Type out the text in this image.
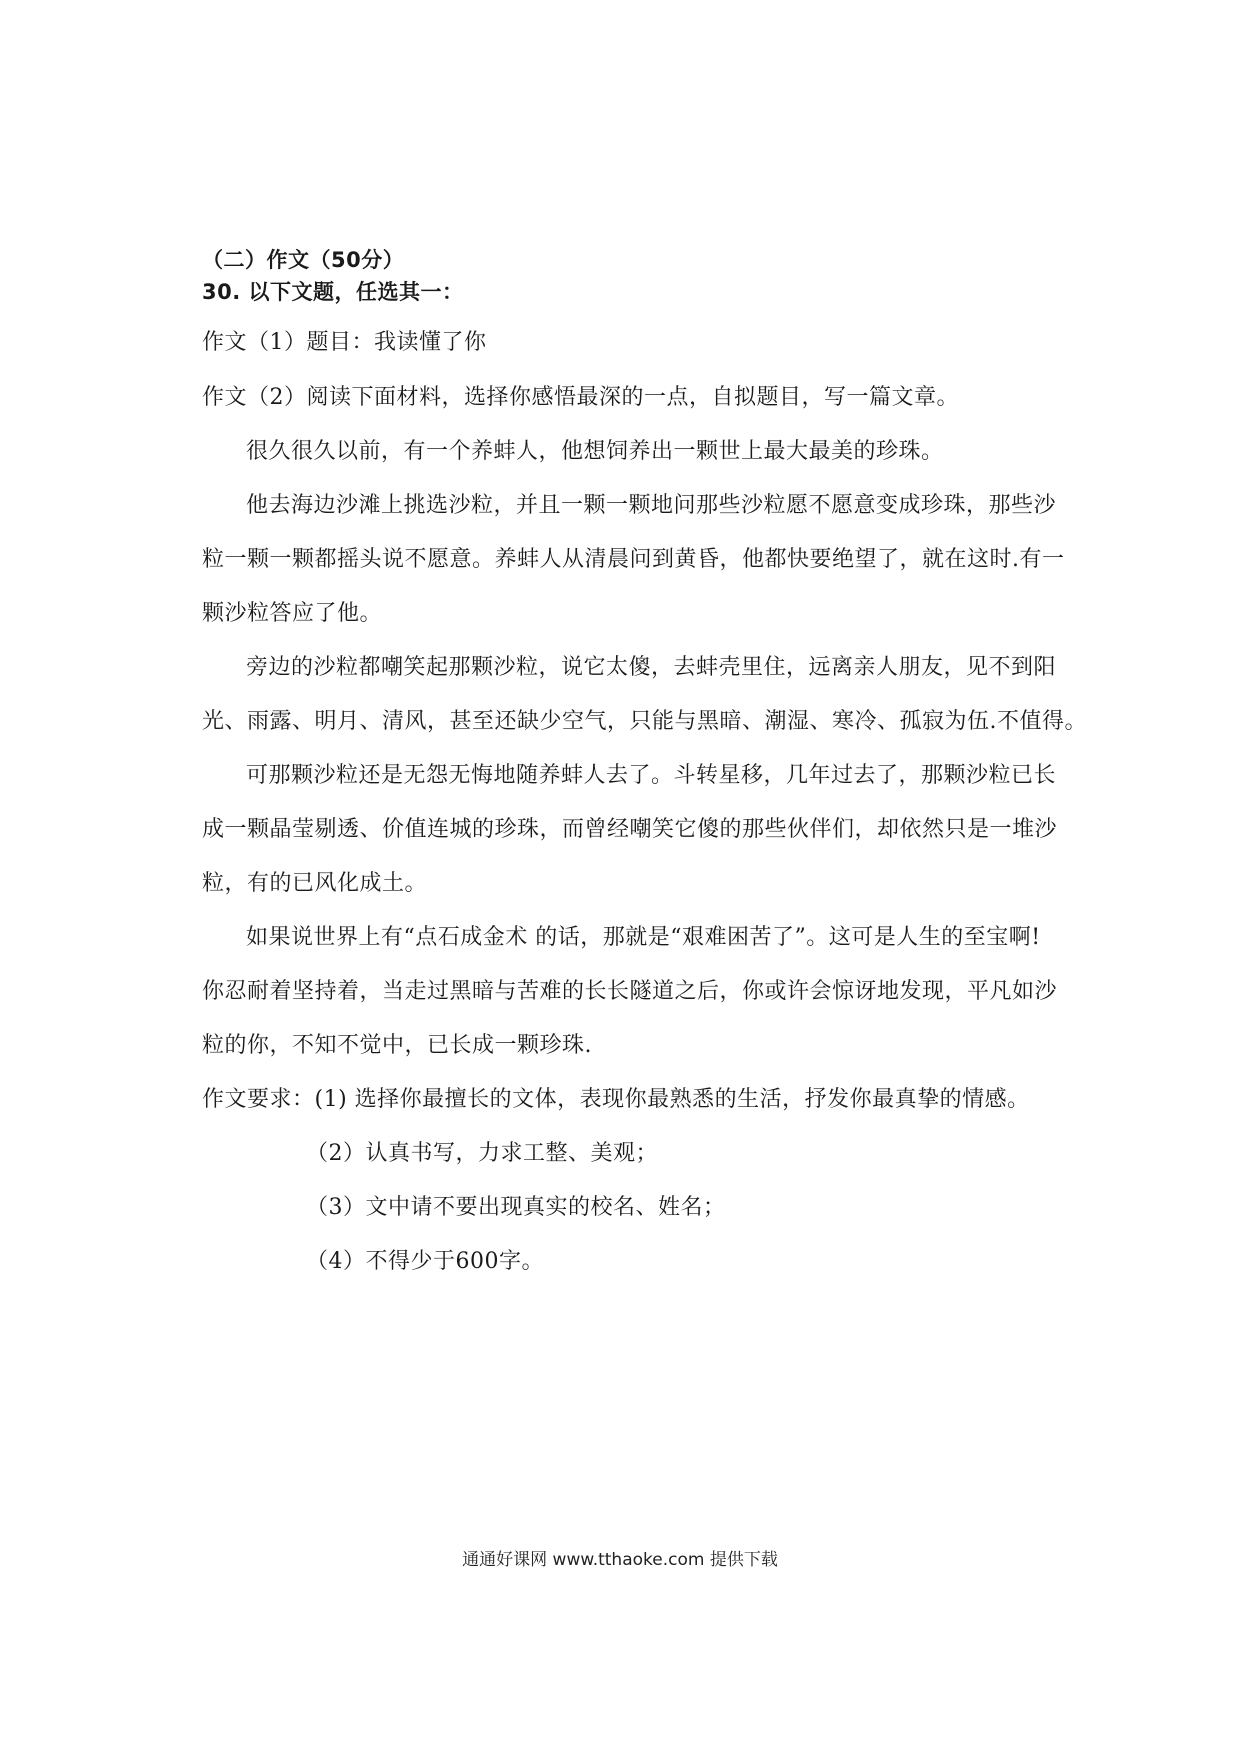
（二）作文（50分）
30. 以下文题，任选其一：
作文（1）题目：我读懂了你
作文（2）阅读下面材料，选择你感悟最深的一点，自拟题目，写一篇文章。
很久很久以前，有一个养蚌人，他想饲养出一颗世上最大最美的珍珠。
他去海边沙滩上挑选沙粒，并且一颗一颗地问那些沙粒愿不愿意变成珍珠，那些沙
粒一颗一颗都摇头说不愿意。养蚌人从清晨问到黄昏，他都快要绝望了，就在这时.有一
颗沙粒答应了他。
旁边的沙粒都嘲笑起那颗沙粒，说它太傻，去蚌壳里住，远离亲人朋友，见不到阳
光、雨露、明月、清风，甚至还缺少空气，只能与黑暗、潮湿、寒冷、孤寂为伍.不值得。
可那颗沙粒还是无怨无悔地随养蚌人去了。斗转星移，几年过去了，那颗沙粒已长
成一颗晶莹剔透、价值连城的珍珠，而曾经嘲笑它傻的那些伙伴们，却依然只是一堆沙
粒，有的已风化成土。
如果说世界上有“点石成金术 的话，那就是“艰难困苦了”。这可是人生的至宝啊!
你忍耐着坚持着，当走过黑暗与苦难的长长隧道之后，你或许会惊讶地发现，平凡如沙
粒的你，不知不觉中，已长成一颗珍珠.
作文要求：(1) 选择你最擅长的文体，表现你最熟悉的生活，抒发你最真挚的情感。
（2）认真书写，力求工整、美观；
（3）文中请不要出现真实的校名、姓名；
（4）不得少于600字。
通通好课网 www.tthaoke.com 提供下载
